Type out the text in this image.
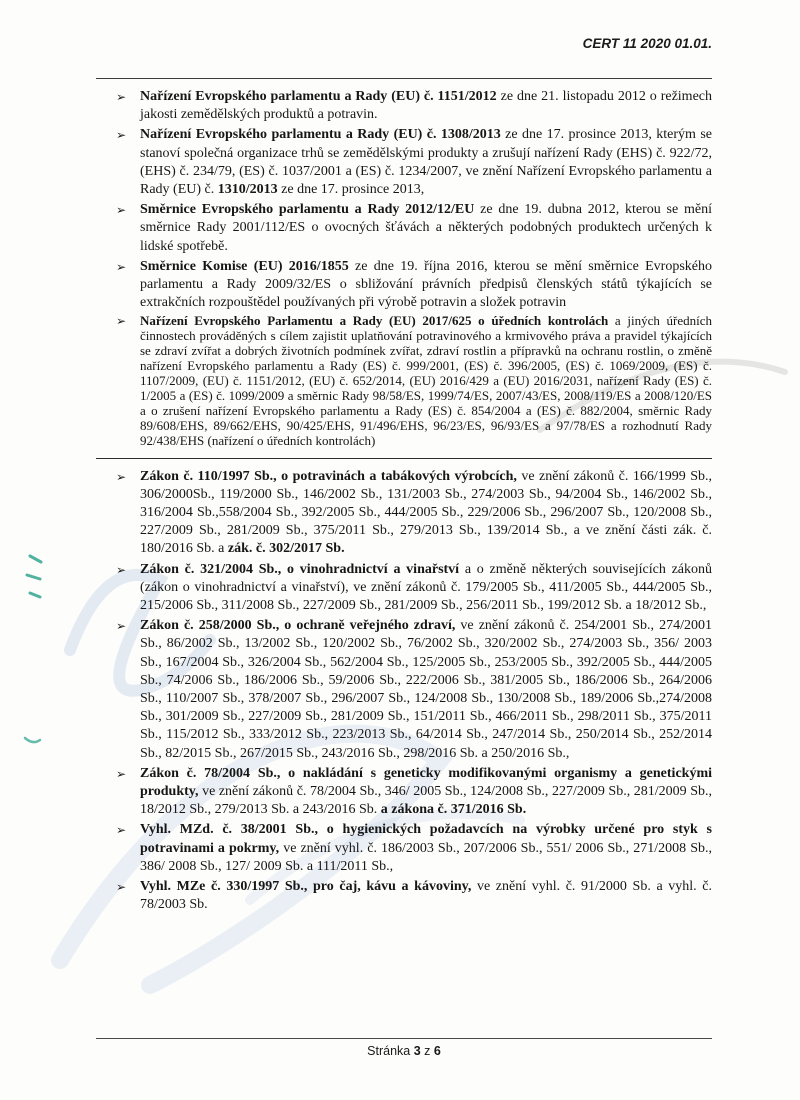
CERT 11 2020 01.01.
➢ Nařízení Evropského parlamentu a Rady (EU) č. 1151/2012 ze dne 21. listopadu 2012 o režimech jakosti zemědělských produktů a potravin.
➢ Nařízení Evropského parlamentu a Rady (EU) č. 1308/2013 ze dne 17. prosince 2013, kterým se stanoví společná organizace trhů se zemědělskými produkty a zrušují nařízení Rady (EHS) č. 922/72, (EHS) č. 234/79, (ES) č. 1037/2001 a (ES) č. 1234/2007, ve znění Nařízení Evropského parlamentu a Rady (EU) č. 1310/2013 ze dne 17. prosince 2013,
➢ Směrnice Evropského parlamentu a Rady 2012/12/EU ze dne 19. dubna 2012, kterou se mění směrnice Rady 2001/112/ES o ovocných šťávách a některých podobných produktech určených k lidské spotřebě.
➢ Směrnice Komise (EU) 2016/1855 ze dne 19. října 2016, kterou se mění směrnice Evropského parlamentu a Rady 2009/32/ES o sbližování právních předpisů členských států týkajících se extrakčních rozpouštědel používaných při výrobě potravin a složek potravin
➢ Nařízení Evropského Parlamentu a Rady (EU) 2017/625 o úředních kontrolách a jiných úředních činnostech prováděných s cílem zajistit uplatňování potravinového a krmivového práva a pravidel týkajících se zdraví zvířat a dobrých životních podmínek zvířat, zdraví rostlin a přípravků na ochranu rostlin, o změně nařízení Evropského parlamentu a Rady (ES) č. 999/2001, (ES) č. 396/2005, (ES) č. 1069/2009, (ES) č. 1107/2009, (EU) č. 1151/2012, (EU) č. 652/2014, (EU) 2016/429 a (EU) 2016/2031, nařízení Rady (ES) č. 1/2005 a (ES) č. 1099/2009 a směrnic Rady 98/58/ES, 1999/74/ES, 2007/43/ES, 2008/119/ES a 2008/120/ES a o zrušení nařízení Evropského parlamentu a Rady (ES) č. 854/2004 a (ES) č. 882/2004, směrnic Rady 89/608/EHS, 89/662/EHS, 90/425/EHS, 91/496/EHS, 96/23/ES, 96/93/ES a 97/78/ES a rozhodnutí Rady 92/438/EHS (nařízení o úředních kontrolách)
➢ Zákon č. 110/1997 Sb., o potravinách a tabákových výrobcích, ve znění zákonů č. 166/1999 Sb., 306/2000Sb., 119/2000 Sb., 146/2002 Sb., 131/2003 Sb., 274/2003 Sb., 94/2004 Sb., 146/2002 Sb., 316/2004 Sb.,558/2004 Sb., 392/2005 Sb., 444/2005 Sb., 229/2006 Sb., 296/2007 Sb., 120/2008 Sb., 227/2009 Sb., 281/2009 Sb., 375/2011 Sb., 279/2013 Sb., 139/2014 Sb., a ve znění části zák. č. 180/2016 Sb. a zák. č. 302/2017 Sb.
➢ Zákon č. 321/2004 Sb., o vinohradnictví a vinařství a o změně některých souvisejících zákonů (zákon o vinohradnictví a vinařství), ve znění zákonů č. 179/2005 Sb., 411/2005 Sb., 444/2005 Sb., 215/2006 Sb., 311/2008 Sb., 227/2009 Sb., 281/2009 Sb., 256/2011 Sb., 199/2012 Sb. a 18/2012 Sb.,
➢ Zákon č. 258/2000 Sb., o ochraně veřejného zdraví, ve znění zákonů č. 254/2001 Sb., 274/2001 Sb., 86/2002 Sb., 13/2002 Sb., 120/2002 Sb., 76/2002 Sb., 320/2002 Sb., 274/2003 Sb., 356/ 2003 Sb., 167/2004 Sb., 326/2004 Sb., 562/2004 Sb., 125/2005 Sb., 253/2005 Sb., 392/2005 Sb., 444/2005 Sb., 74/2006 Sb., 186/2006 Sb., 59/2006 Sb., 222/2006 Sb., 381/2005 Sb., 186/2006 Sb., 264/2006 Sb., 110/2007 Sb., 378/2007 Sb., 296/2007 Sb., 124/2008 Sb., 130/2008 Sb., 189/2006 Sb.,274/2008 Sb., 301/2009 Sb., 227/2009 Sb., 281/2009 Sb., 151/2011 Sb., 466/2011 Sb., 298/2011 Sb., 375/2011 Sb., 115/2012 Sb., 333/2012 Sb., 223/2013 Sb., 64/2014 Sb., 247/2014 Sb., 250/2014 Sb., 252/2014 Sb., 82/2015 Sb., 267/2015 Sb., 243/2016 Sb., 298/2016 Sb. a 250/2016 Sb.,
➢ Zákon č. 78/2004 Sb., o nakládání s geneticky modifikovanými organismy a genetickými produkty, ve znění zákonů č. 78/2004 Sb., 346/ 2005 Sb., 124/2008 Sb., 227/2009 Sb., 281/2009 Sb., 18/2012 Sb., 279/2013 Sb. a 243/2016 Sb. a zákona č. 371/2016 Sb.
➢ Vyhl. MZd. č. 38/2001 Sb., o hygienických požadavcích na výrobky určené pro styk s potravinami a pokrmy, ve znění vyhl. č. 186/2003 Sb., 207/2006 Sb., 551/ 2006 Sb., 271/2008 Sb., 386/ 2008 Sb., 127/ 2009 Sb. a 111/2011 Sb.,
➢ Vyhl. MZe č. 330/1997 Sb., pro čaj, kávu a kávoviny, ve znění vyhl. č. 91/2000 Sb. a vyhl. č. 78/2003 Sb.
Stránka 3 z 6
